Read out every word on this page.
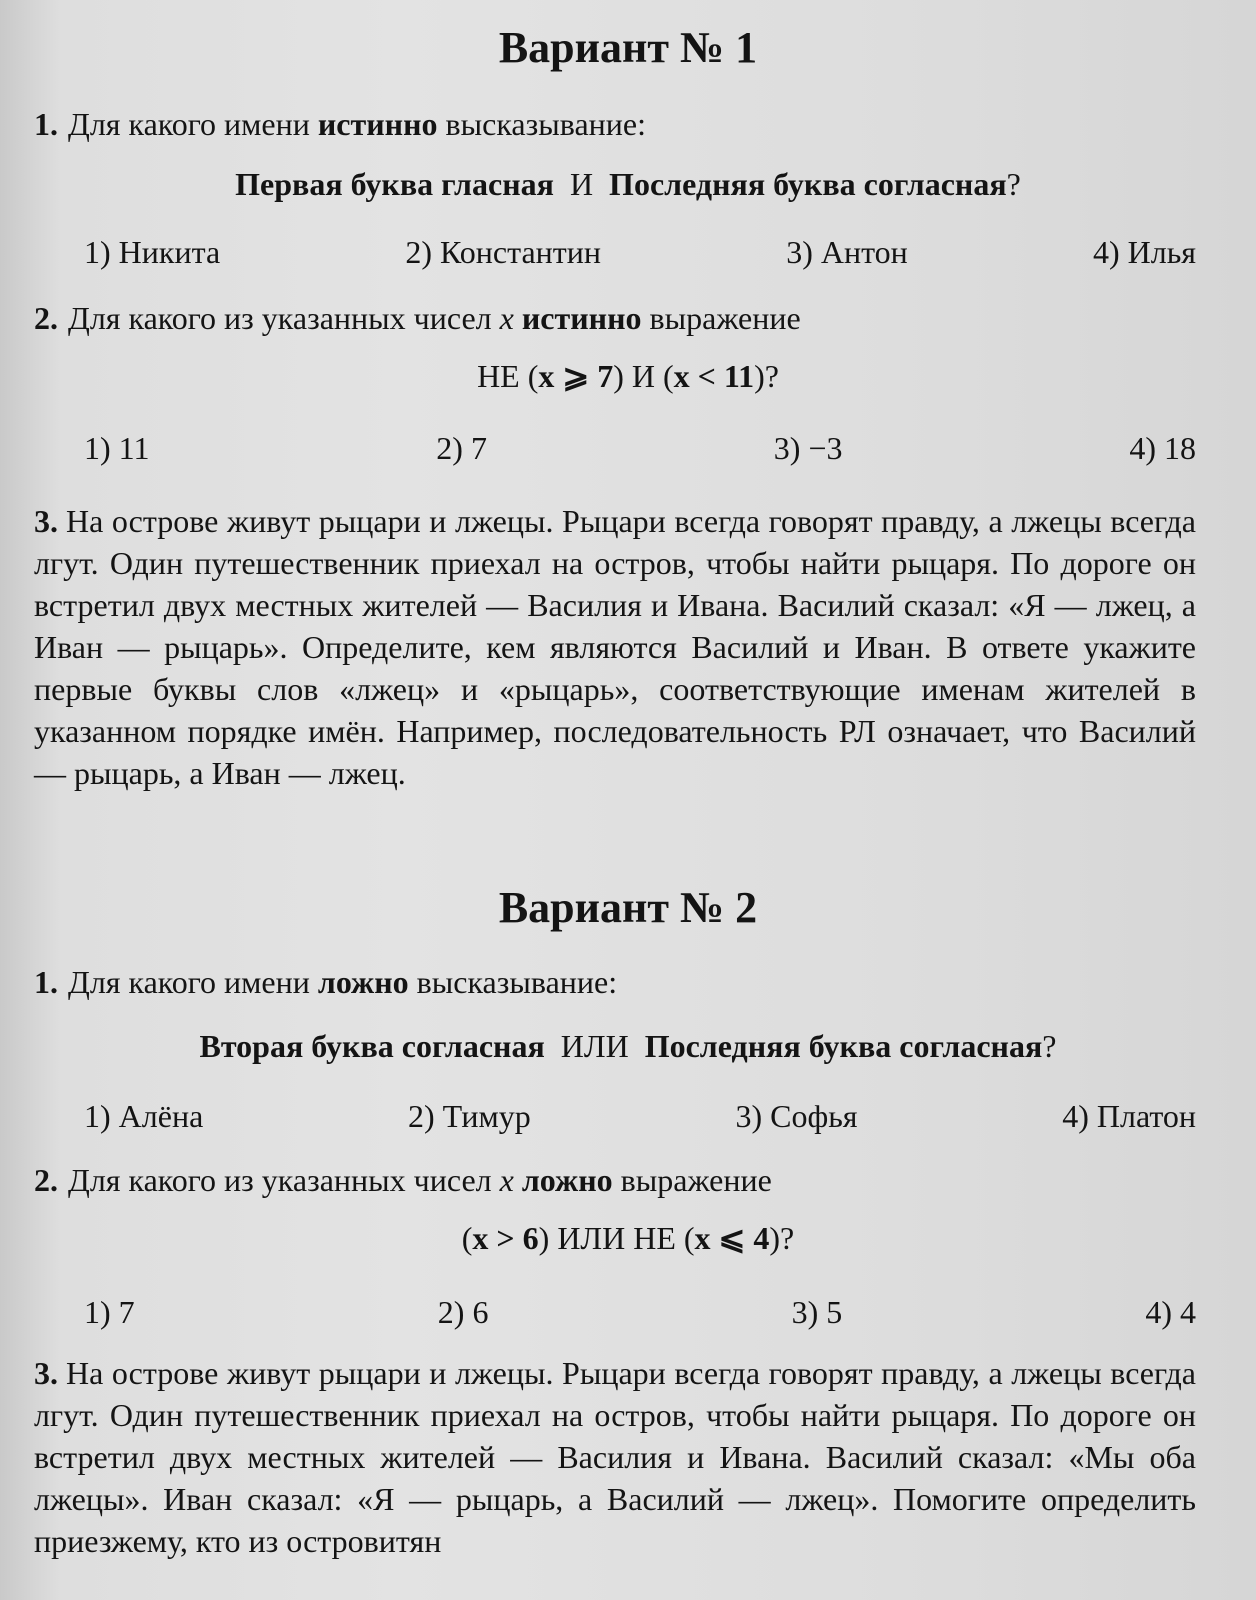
Вариант № 1
1. Для какого имени истинно высказывание:
Первая буква гласная И Последняя буква согласная?
1) Никита	2) Константин	3) Антон	4) Илья
2. Для какого из указанных чисел x истинно выражение
НЕ (x ⩾ 7) И (x < 11)?
1) 11	2) 7	3) −3	4) 18
3. На острове живут рыцари и лжецы. Рыцари всегда говорят правду, а лжецы всегда лгут. Один путешественник приехал на остров, чтобы найти рыцаря. По дороге он встретил двух местных жителей — Василия и Ивана. Василий сказал: «Я — лжец, а Иван — рыцарь». Определите, кем являются Василий и Иван. В ответе укажите первые буквы слов «лжец» и «рыцарь», соответствующие именам жителей в указанном порядке имён. Например, последовательность РЛ означает, что Василий — рыцарь, а Иван — лжец.
Вариант № 2
1. Для какого имени ложно высказывание:
Вторая буква согласная ИЛИ Последняя буква согласная?
1) Алёна	2) Тимур	3) Софья	4) Платон
2. Для какого из указанных чисел x ложно выражение
(x > 6) ИЛИ НЕ (x ⩽ 4)?
1) 7	2) 6	3) 5	4) 4
3. На острове живут рыцари и лжецы. Рыцари всегда говорят правду, а лжецы всегда лгут. Один путешественник приехал на остров, чтобы найти рыцаря. По дороге он встретил двух местных жителей — Василия и Ивана. Василий сказал: «Мы оба лжецы». Иван сказал: «Я — рыцарь, а Василий — лжец». Помогите определить приезжему, кто из островитян
